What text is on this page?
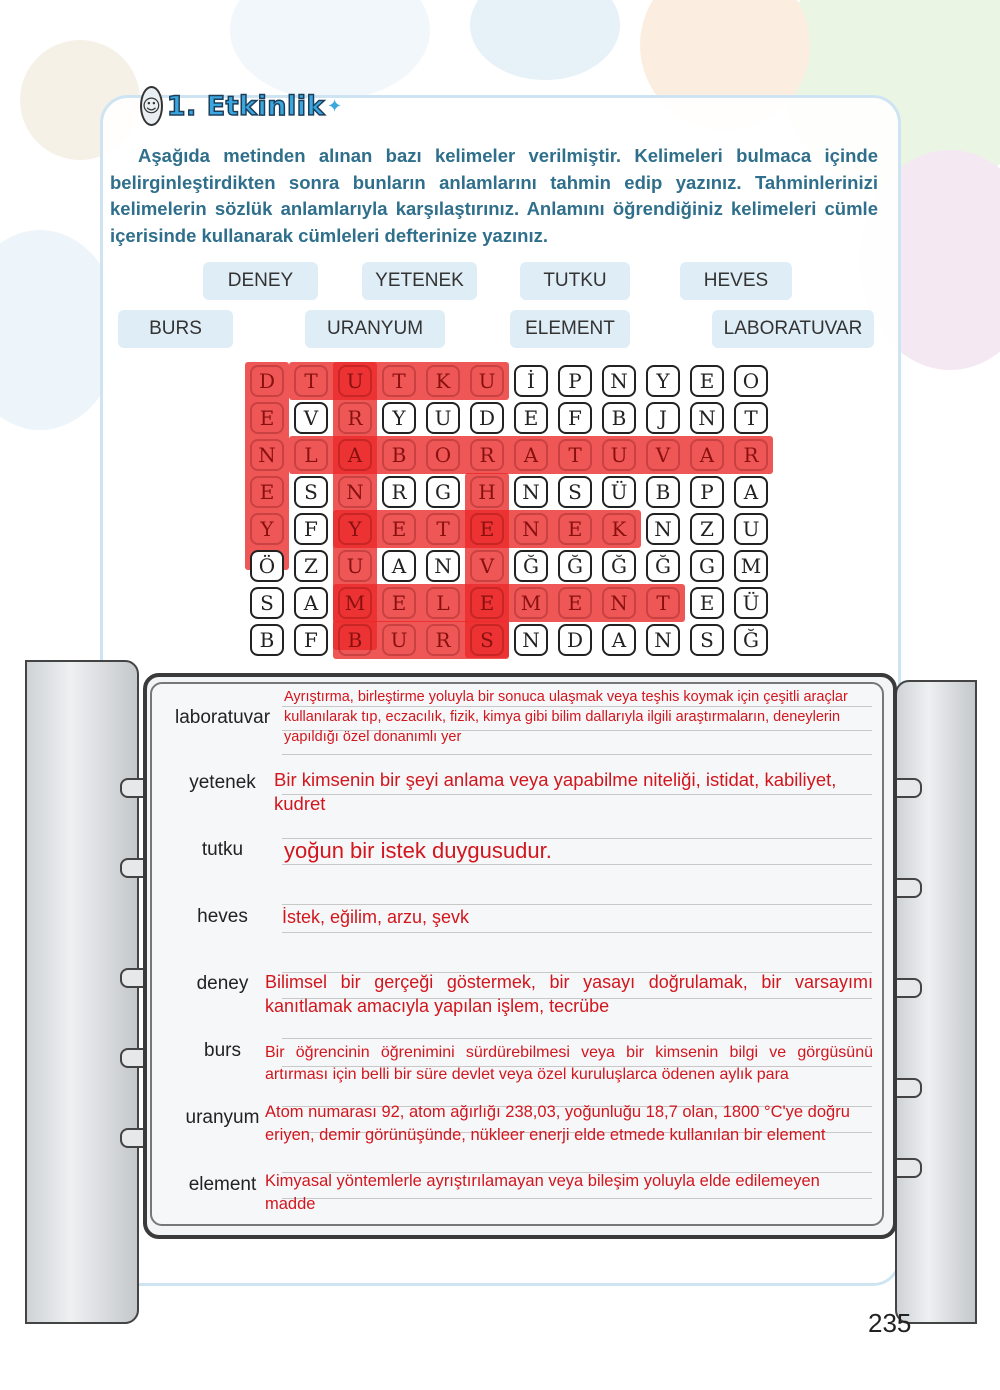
☺ 1. Etkinlik ✦
Aşağıda metinden alınan bazı kelimeler verilmiştir. Kelimeleri bulmaca içinde belirginleştirdikten sonra bunların anlamlarını tahmin edip yazınız. Tahminlerinizi kelimelerin sözlük anlamlarıyla karşılaştırınız. Anlamını öğrendiğiniz kelimeleri cümle içerisinde kullanarak cümleleri defterinize yazınız.
DENEY	YETENEK	TUTKU	HEVES
BURS	URANYUM	ELEMENT	LABORATUVAR
D	T	U	T	K	U	İ	P	N	Y	E	O
E	V	R	Y	U	D	E	F	B	J	N	T
N	L	A	B	O	R	A	T	U	V	A	R
E	S	N	R	G	H	N	S	Ü	B	P	A
Y	F	Y	E	T	E	N	E	K	N	Z	U
Ö	Z	U	A	N	V	Ğ	Ğ	Ğ	Ğ	G	M
S	A	M	E	L	E	M	E	N	T	E	Ü
B	F	B	U	R	S	N	D	A	N	S	Ğ
laboratuvar
Ayrıştırma, birleştirme yoluyla bir sonuca ulaşmak veya teşhis koymak için çeşitli araçlar kullanılarak tıp, eczacılık, fizik, kimya gibi bilim dallarıyla ilgili araştırmaların, deneylerin yapıldığı özel donanımlı yer
yetenek Bir kimsenin bir şeyi anlama veya yapabilme niteliği, istidat, kabiliyet, kudret
tutku	yoğun bir istek duygusudur.
heves	İstek, eğilim, arzu, şevk
deney Bilimsel bir gerçeği göstermek, bir yasayı doğrulamak, bir varsayımı kanıtlamak amacıyla yapılan işlem, tecrübe
burs	Bir öğrencinin öğrenimini sürdürebilmesi veya bir kimsenin bilgi ve görgüsünü artırması için belli bir süre devlet veya özel kuruluşlarca ödenen aylık para
uranyum Atom numarası 92, atom ağırlığı 238,03, yoğunluğu 18,7 olan, 1800 °C'ye doğru eriyen, demir görünüşünde, nükleer enerji elde etmede kullanılan bir element
element Kimyasal yöntemlerle ayrıştırılamayan veya bileşim yoluyla elde edilemeyen madde
235
